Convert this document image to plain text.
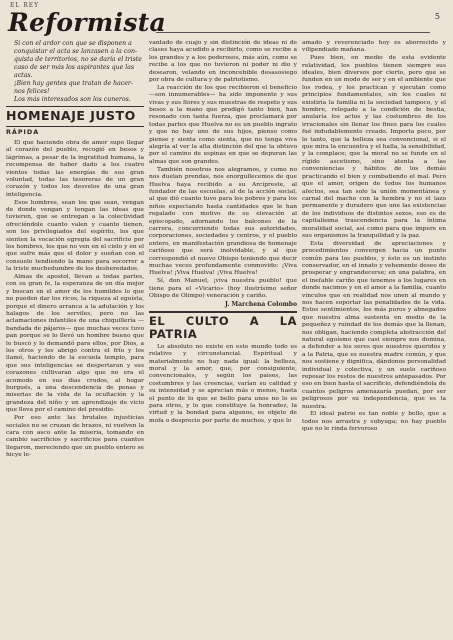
EL REY
Reformista	5

Si con el ardor con que se disponen a

conquistar el acta se lanzasen a la con-

quista de territorios, no se daría el triste

caso de ser más los aspirantes que las

actas.

¡Bien hay gentes que tratan de hacer-

nos felices!

Los más interesados son los cuneros.

HOMENAJE JUSTO
RÁPIDA

El que haciendo obra de amor supo llegar al corazón del pueblo, recogió en besos y lágrimas, a pesar de la ingratitud humana, la recompensa de haber dado a los cuatro vientos todas las energías de sus gran voluntad, todas las tesoreras de un gran corazón y todos los desvelos de una gran inteligencia.

Esos hombres, sean los que sean, vengan de donde vengan y tengan las ideas que tuvieren, que se entregan a la colectividad ofreciéndole cuanto valen y cuanto tienen, son los privilegiados del espíritu, los que sienten la vocación egregia del sacrificio por los hombres, los que no ven en el cielo y en el que sufre más que el dolor y sueñan con el consuelo tendiendo la mano para socorrer a la triste muchedumbre de los desheredados.

Almas de apostol, llevan a todas partes, con su gran fe, la esperanza de un día mejor y buscan en el amor de los humildes lo que no pueden dar los ricos, la riqueza al egoísta, porque el dinero arranca a la adulación y los halagos de los serviles, pero no las aclamaciones infantiles de una chiquillería —bandada de pájaros— que muchas veces tuvo pan porque se lo llevó un hombre bueno que lo buscó y lo demandó para ellos, por Dios, a los otros y les abrigó contra el frío y los llamó, haciendo de la escuela templo, para que sus inteligencias se despertaran y sus corazones cultivaran algo que no era el acomodo en sus dias crudos, al hogar burgués, a una descendencia de penas y miserias de la vida de la ocultación y la grandeza del niño y un aprendizaje de vicio que lleva por el camino del presidio.

Por eso ante las brutales injusticias sociales no se cruzan de brazos, ni vuelven la cara con asco ante la miseria, tomando en cambio sacrificios y sacrificios para cuantos llegaron, mereciendo que un pueblo entero se hicye le-

vantado de cuajo y sin distinción de ideas ni de clases haya acudido a recibirlo, como se recibe a los grandes y a los poderosos, más aún, como se recibe a los que no tuvieron ni poder ni dio y desearon, velando en inconcebible desasosiego por obra de cultura y de patriotismo.

La reacción de los que recibieron el beneficio—son innumerables— ha sido imponente y sus vivas y sus flores y sus muestras de respeto y sus besos a la mano que prodigó tanto bien, han resonado con tanta fuerza, que proclamará por todas partes que Huelva no es un pueblo ingrato y que no hay uno de sus hijos, pienso como piense y sienta como sienta, que no tenga viva alegría al ver la alta distinción del que la obtuvo por el camino de espinas en que se depuran las almas que son grandes.

También nosotros nos alegramos, y como no nos duelan prendas, nos enorgullecemos de que Huelva haya recibido a su Arcipreste, al fundador de las escuelas, al de la acción social, al que dió cuanto tuvo para los pobres y para los niños expectando hasta cantidades que le han regalado con motivo de su elevación al episcopado, adornando los balcones de la carrera, concurriendo todas sus autoridades, corporaciones, sociedades y centros, y el pueblo entero, en manifestación grandiosa de homenaje cariñoso que será inolvidable, y al que correspondió el nuevo Obispo teniendo que decir muchas veces profundamente conmovido: ¡Viva Huelva! ¡Viva Huelva! ¡Viva Huelva!

Sí, don Manuel, ¡viva nuestra pueblo! que tiene para el «Vicario» (hoy ilustrísimo señor Obispo de Olimpo) veneración y cariño.

J. Marchena Colombo
EL CULTO A LA PATRIA

Lo absoluto no existe en este mundo todo es relativo y circunstancial. Espiritual y materialmente no hay nada igual: la belleza, moral y la amor, que, por consiguiente, convencionales, y según los paises, las costumbres y las creencias, varían su calidad y su intensidad y se aprecian más o menos, hasta el punto de lo que se bello para unos no lo es para otros, y lo que constituye la honradez, la virtud y la bondad para algunos, es objeto de mofa o desprecio por parte de muchos, y que lo

amado y reverenciado hoy es aborrecido y vilipendiado mañana.

Pues bien, en medio de esta evidente relatividad, los pueblos tienen siempre sus ideales, bien diversos por cierto, pero que se funden en un modo de ser y en el ambiente que los rodea, y los practican y ejecutan como principios fundamentales, sin los cuales ni existiría la familia ni la sociedad tampoco, y el hombre, relegado a la condición de bestia, anularía los actos y las costumbres de los irracionales sin llenar los fines para los cuales fué indudablemente creado. Importa poco, por lo tanto, que la belleza sea convencional, si el que mira la encuentra y el halla, la sensibilidad, y la complace; que la moral no se funde en el rígido ascetismo, sino atenta a las conveniencias y hábitos de los demás practicando el bien y combatiendo el mal. Pero que el amor, origen de todos los humanos afectos, sea tan solo la unión momentánea y carnal del macho con la hembra y no el lazo permanente y duradero que une las existencias de los individuos de distintos sexos, eso es de capitalísima trascendencia para la íntima moralidad social, así como para que impere en sus organismos la tranquilidad y la paz.

Esta diversidad de apreciaciones y procedimientos convergen hacia un punto común para los pueblos, y ésto es un instinto conservador, en el innato y vehemente deseo de prosperar y engrandecerse; en una palabra, en el inefable cariño que tenemos a los lugares en donde nacimos y en el amor a la familia, cuanto vínculos que en realidad nos unen al mundo y nos hacen soportar las penalidades de la vida. Estos sentimientos, los más puros y abnegados que nuestra alma sustenta en medio de la pequeñez y ruindad de los demás que la llenan, nos obligan, haciendo completa abstracción del natural egoísmo que casi siempre nos domina, a defender a los seres que nuestros queridos y a la Patria, que es nuestra madre común, y que nos sostiene y dignifica, dándonos personalidad individual y colectiva, y un suelo cariñoso reposar los restos de nuestros antepasados. Por eso en bien hasta el sacrificio, defendiéndola de cuantos peligros amenazaría puedan, por ser peligrosos por su independencia, que es la nuestra.

El ideal patrio es tan noble y bello, que a todos nos arrastra y subyuga; no hay pueblo que no le rinda fervoroso
